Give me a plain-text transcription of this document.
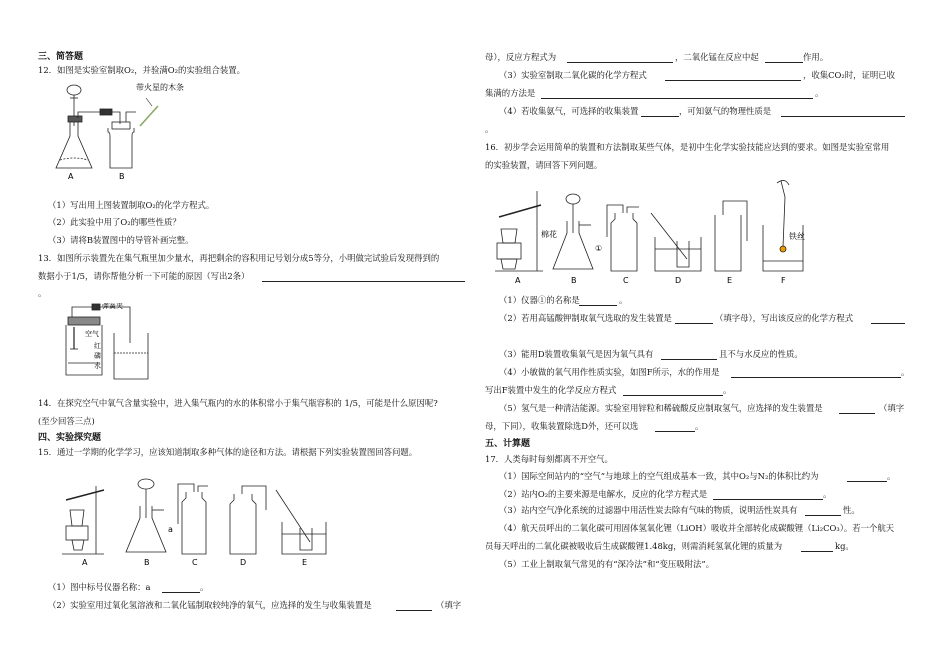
三、简答题
12．如图是实验室制取O₂，并验满O₂的实验组合装置。
带火星的木条
A	B
（1）写出用上图装置制取O₂的化学方程式。
（2）此实验中用了O₂的哪些性质？
（3）请将B装置图中的导管补画完整。
13．如图所示装置先在集气瓶里加少量水，再把剩余的容积用记号划分成5等分，小明做完试验后发现得到的
数据小于1/5，请你帮他分析一下可能的原因（写出2条）
。
空气
弹簧夹
红
磷
水
14．在探究空气中氧气含量实验中，进入集气瓶内的水的体积常小于集气瓶容积的 1/5，可能是什么原因呢?
(至少回答三点)
四、实验探究题
15．通过一学期的化学学习，应该知道制取多种气体的途径和方法。请根据下列实验装置图回答问题。
a
A	B	C	D	E
（1）图中标号仪器名称：a	。
（2）实验室用过氧化氢溶液和二氧化锰制取较纯净的氧气，应选择的发生与收集装置是	（填字
母），反应方程式为	，二氧化锰在反应中起	作用。
（3）实验室制取二氧化碳的化学方程式	，收集CO₂时，证明已收
集满的方法是	。
（4）若收集氨气，可选择的收集装置	，可知氨气的物理性质是
。
16．初步学会运用简单的装置和方法制取某些气体，是初中生化学实验技能应达到的要求。如图是实验室常用
的实验装置，请回答下列问题。
棉花
①
铁丝
A	B	C	D	E	F
（1）仪器①的名称是	。
（2）若用高锰酸钾制取氧气选取的发生装置是	（填字母），写出该反应的化学方程式
（3）能用D装置收集氧气是因为氧气具有	且不与水反应的性质。
（4）小敏做的氧气用作性质实验，如图F所示，水的作用是	。
写出F装置中发生的化学反应方程式	。
（5）氢气是一种清洁能源。实验室用锌粒和稀硫酸反应制取氢气，应选择的发生装置是	（填字
母，下同），收集装置除选D外，还可以选	。
五、计算题
17．人类每时每刻都离不开空气。
（1）国际空间站内的“空气”与地球上的空气组成基本一致，其中O₂与N₂的体积比约为	。
（2）站内O₂的主要来源是电解水，反应的化学方程式是	。
（3）站内空气净化系统的过滤器中用活性炭去除有气味的物质，说明活性炭具有	性。
（4）航天员呼出的二氧化碳可用固体氢氧化锂（LiOH）吸收并全部转化成碳酸锂（Li₂CO₃）。若一个航天
员每天呼出的二氧化碳被吸收后生成碳酸锂1.48kg，则需消耗氢氧化锂的质量为	kg。
（5）工业上制取氧气常见的有“深冷法”和“变压吸附法”。
